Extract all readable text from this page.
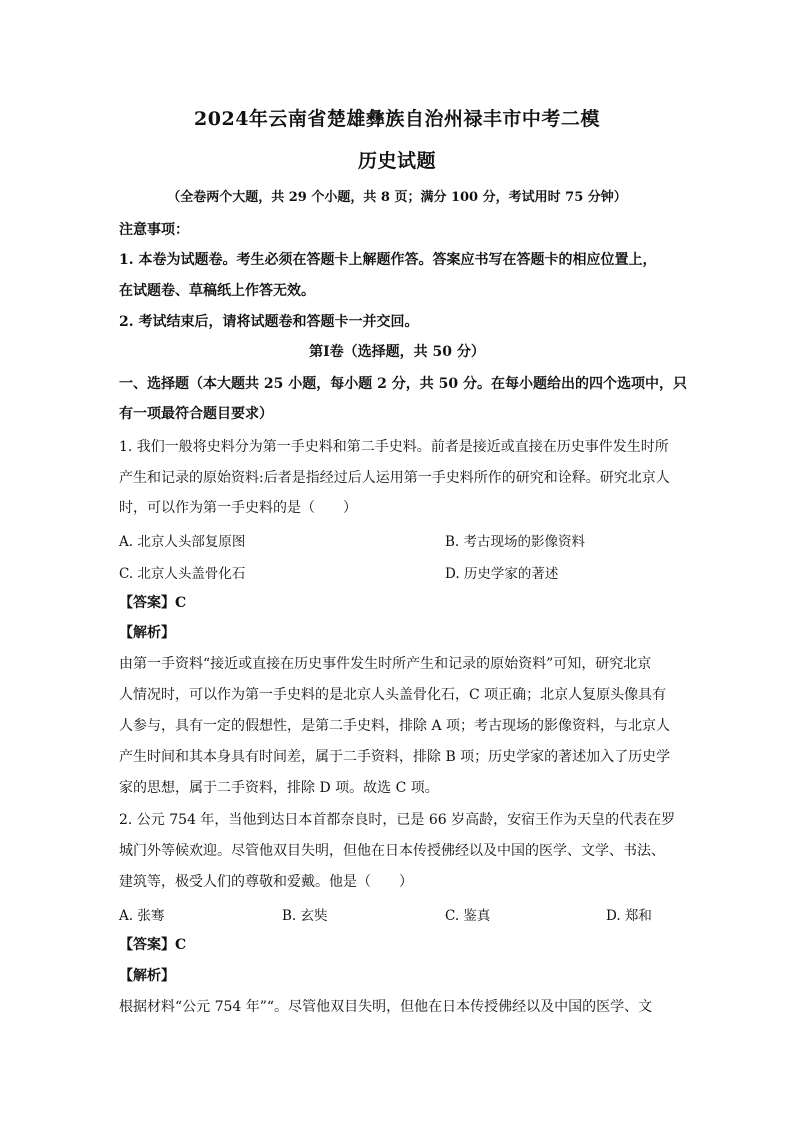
2024年云南省楚雄彝族自治州禄丰市中考二模
历史试题
（全卷两个大题，共 29 个小题，共 8 页；满分 100 分，考试用时 75 分钟）
注意事项：
1. 本卷为试题卷。考生必须在答题卡上解题作答。答案应书写在答题卡的相应位置上，
在试题卷、草稿纸上作答无效。
2. 考试结束后，请将试题卷和答题卡一并交回。
第Ⅰ卷（选择题，共 50 分）
一、选择题（本大题共 25 小题，每小题 2 分，共 50 分。在每小题给出的四个选项中，只
有一项最符合题目要求）
1. 我们一般将史料分为第一手史料和第二手史料。前者是接近或直接在历史事件发生时所
产生和记录的原始资料:后者是指经过后人运用第一手史料所作的研究和诠释。研究北京人
时，可以作为第一手史料的是（　　）
A. 北京人头部复原图	B. 考古现场的影像资料
C. 北京人头盖骨化石	D. 历史学家的著述
【答案】C
【解析】
由第一手资料“接近或直接在历史事件发生时所产生和记录的原始资料”可知，研究北京
人情况时，可以作为第一手史料的是北京人头盖骨化石，C 项正确；北京人复原头像具有
人参与，具有一定的假想性，是第二手史料，排除 A 项；考古现场的影像资料，与北京人
产生时间和其本身具有时间差，属于二手资料，排除 B 项；历史学家的著述加入了历史学
家的思想，属于二手资料，排除 D 项。故选 C 项。
2. 公元 754 年，当他到达日本首都奈良时，已是 66 岁高龄，安宿王作为天皇的代表在罗
城门外等候欢迎。尽管他双目失明，但他在日本传授佛经以及中国的医学、文学、书法、
建筑等，极受人们的尊敬和爱戴。他是（　　）
A. 张骞	B. 玄奘	C. 鉴真	D. 郑和
【答案】C
【解析】
根据材料“公元 754 年”“。尽管他双目失明，但他在日本传授佛经以及中国的医学、文
